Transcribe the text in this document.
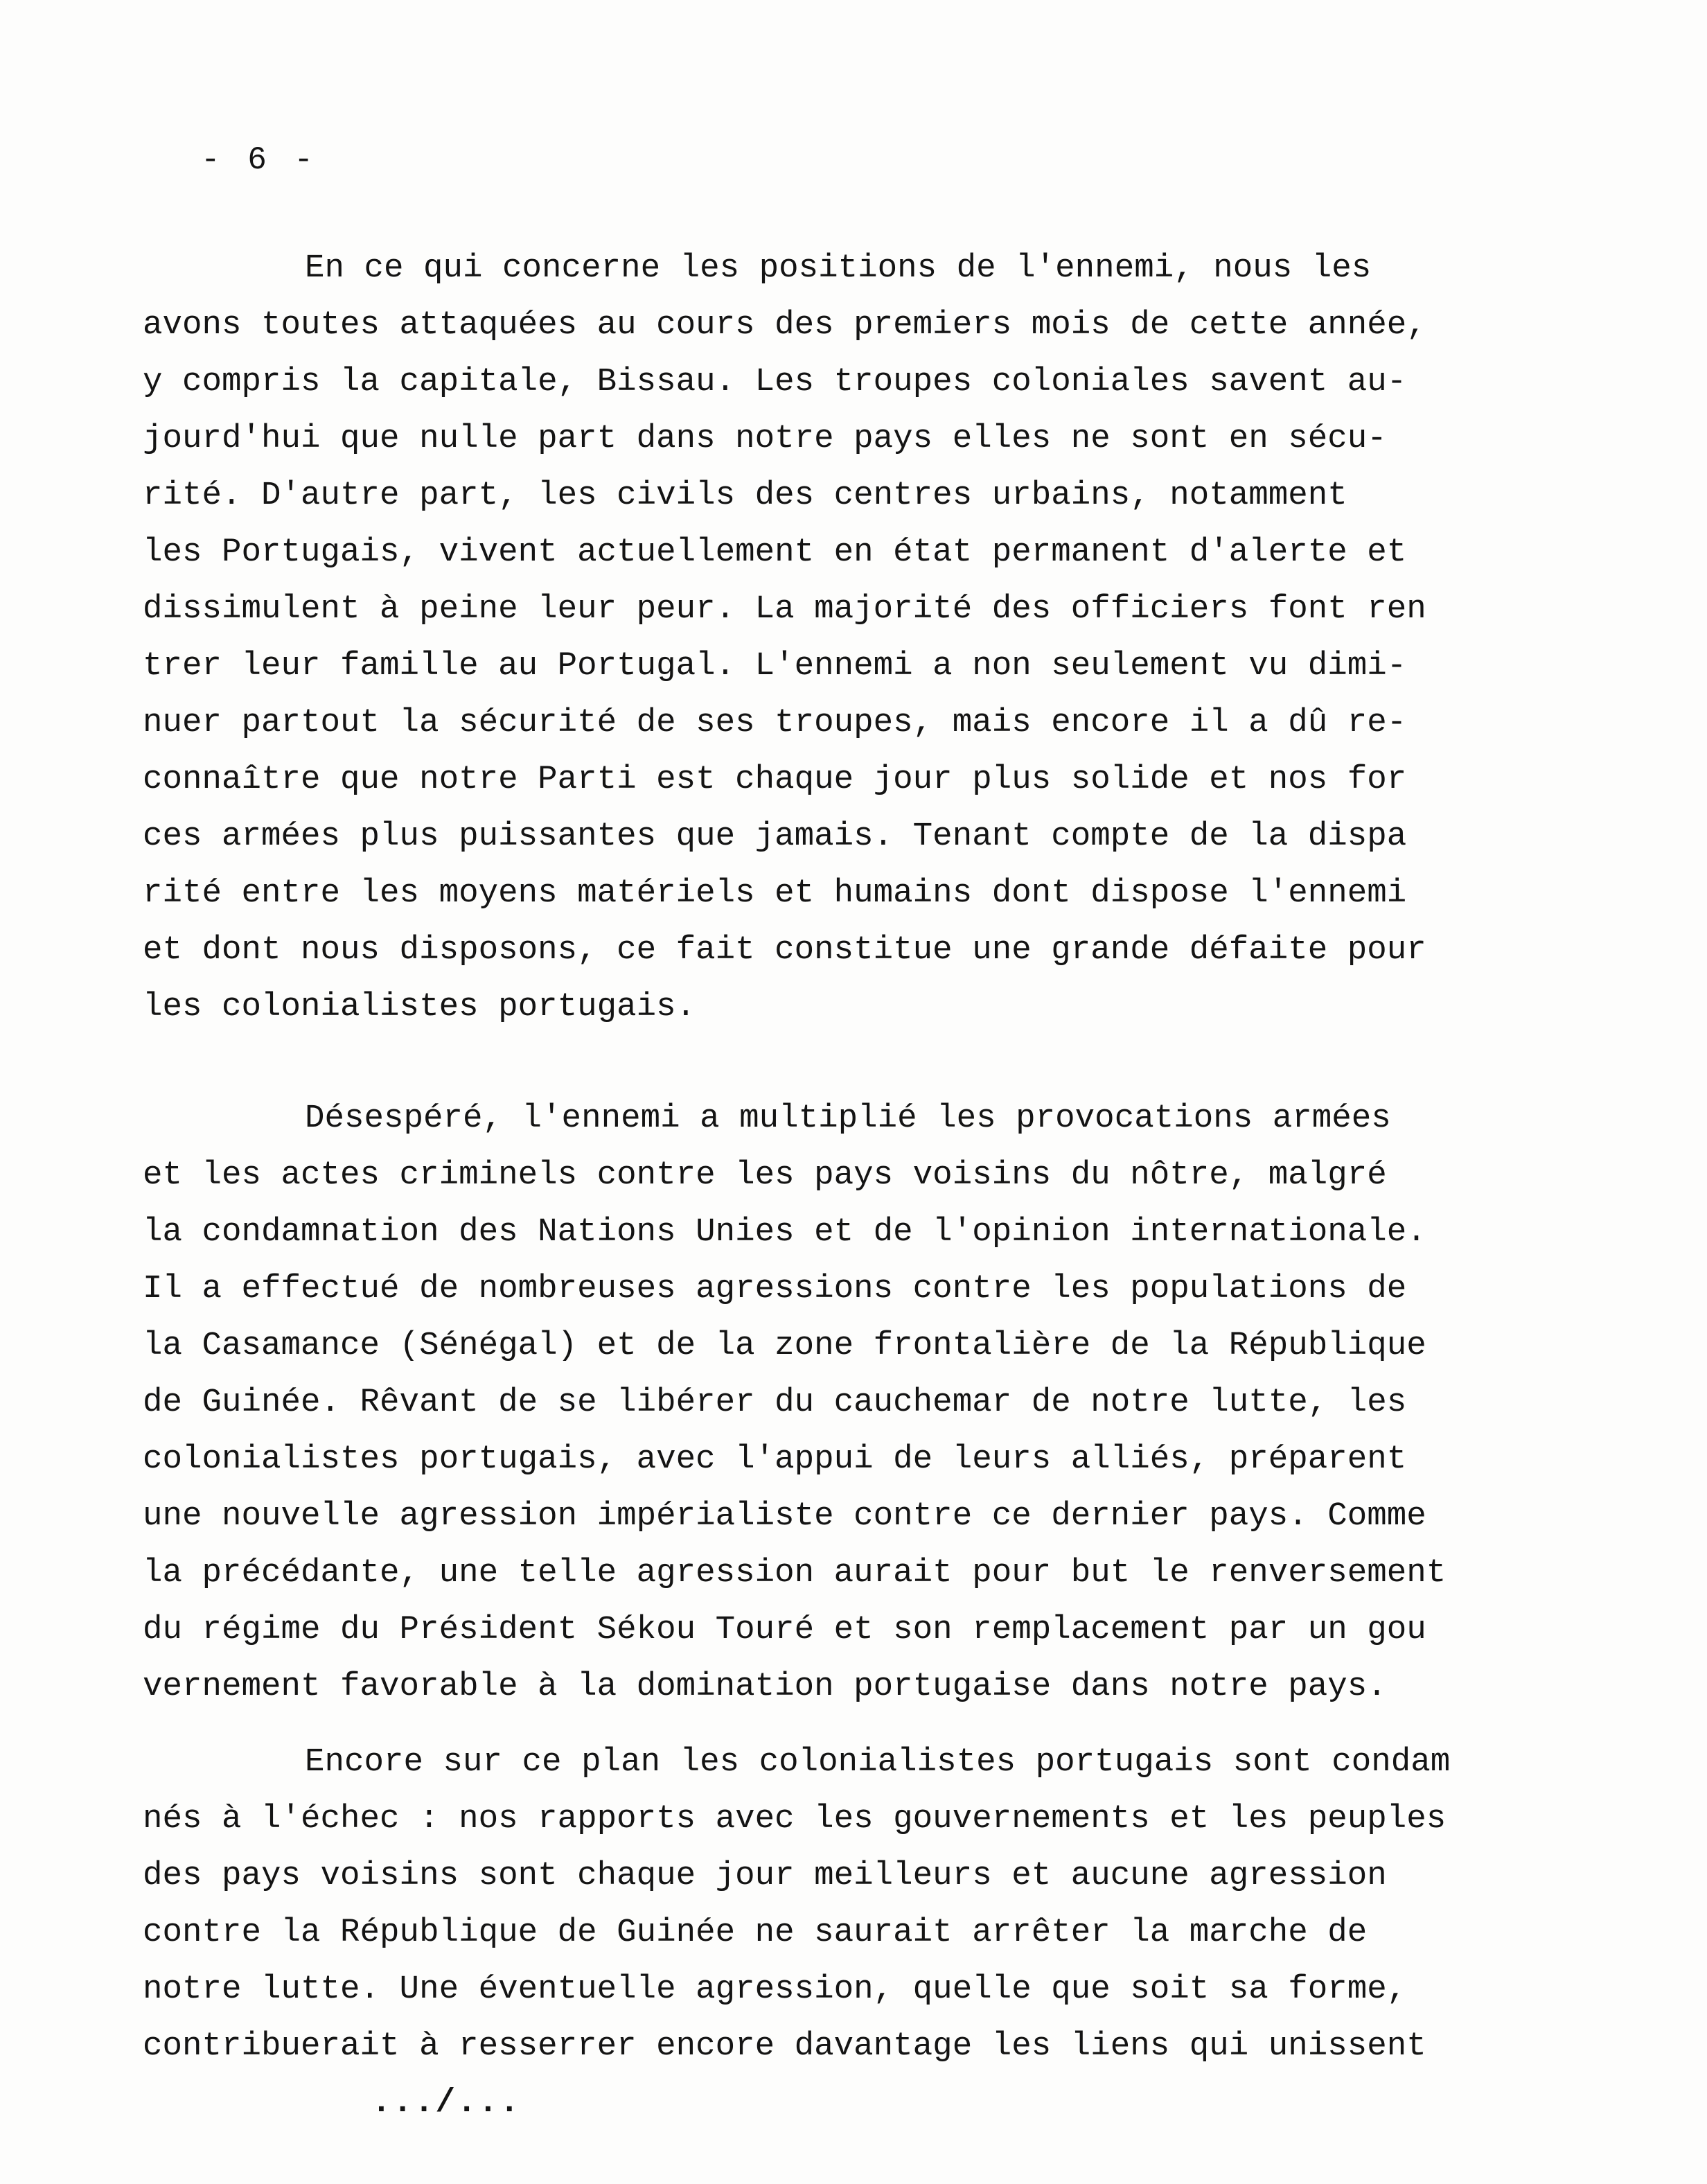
- 6 -
En ce qui concerne les positions de l'ennemi, nous les
avons toutes attaquées au cours des premiers mois de cette année,
y compris la capitale, Bissau. Les troupes coloniales savent au-
jourd'hui que nulle part dans notre pays elles ne sont en sécu-
rité. D'autre part, les civils des centres urbains, notamment
les Portugais, vivent actuellement en état permanent d'alerte et
dissimulent à peine leur peur. La majorité des officiers font ren
trer leur famille au Portugal. L'ennemi a non seulement vu dimi-
nuer partout la sécurité de ses troupes, mais encore il a dû re-
connaître que notre Parti est chaque jour plus solide et nos for
ces armées plus puissantes que jamais. Tenant compte de la dispa
rité entre les moyens matériels et humains dont dispose l'ennemi
et dont nous disposons, ce fait constitue une grande défaite pour
les colonialistes portugais.
Désespéré, l'ennemi a multiplié les provocations armées
et les actes criminels contre les pays voisins du nôtre, malgré
la condamnation des Nations Unies et de l'opinion internationale.
Il a effectué de nombreuses agressions contre les populations de
la Casamance (Sénégal) et de la zone frontalière de la République
de Guinée. Rêvant de se libérer du cauchemar de notre lutte, les
colonialistes portugais, avec l'appui de leurs alliés, préparent
une nouvelle agression impérialiste contre ce dernier pays. Comme
la précédante, une telle agression aurait pour but le renversement
du régime du Président Sékou Touré et son remplacement par un gou
vernement favorable à la domination portugaise dans notre pays.
Encore sur ce plan les colonialistes portugais sont condam
nés à l'échec : nos rapports avec les gouvernements et les peuples
des pays voisins sont chaque jour meilleurs et aucune agression
contre la République de Guinée ne saurait arrêter la marche de
notre lutte. Une éventuelle agression, quelle que soit sa forme,
contribuerait à resserrer encore davantage les liens qui unissent
.../...
